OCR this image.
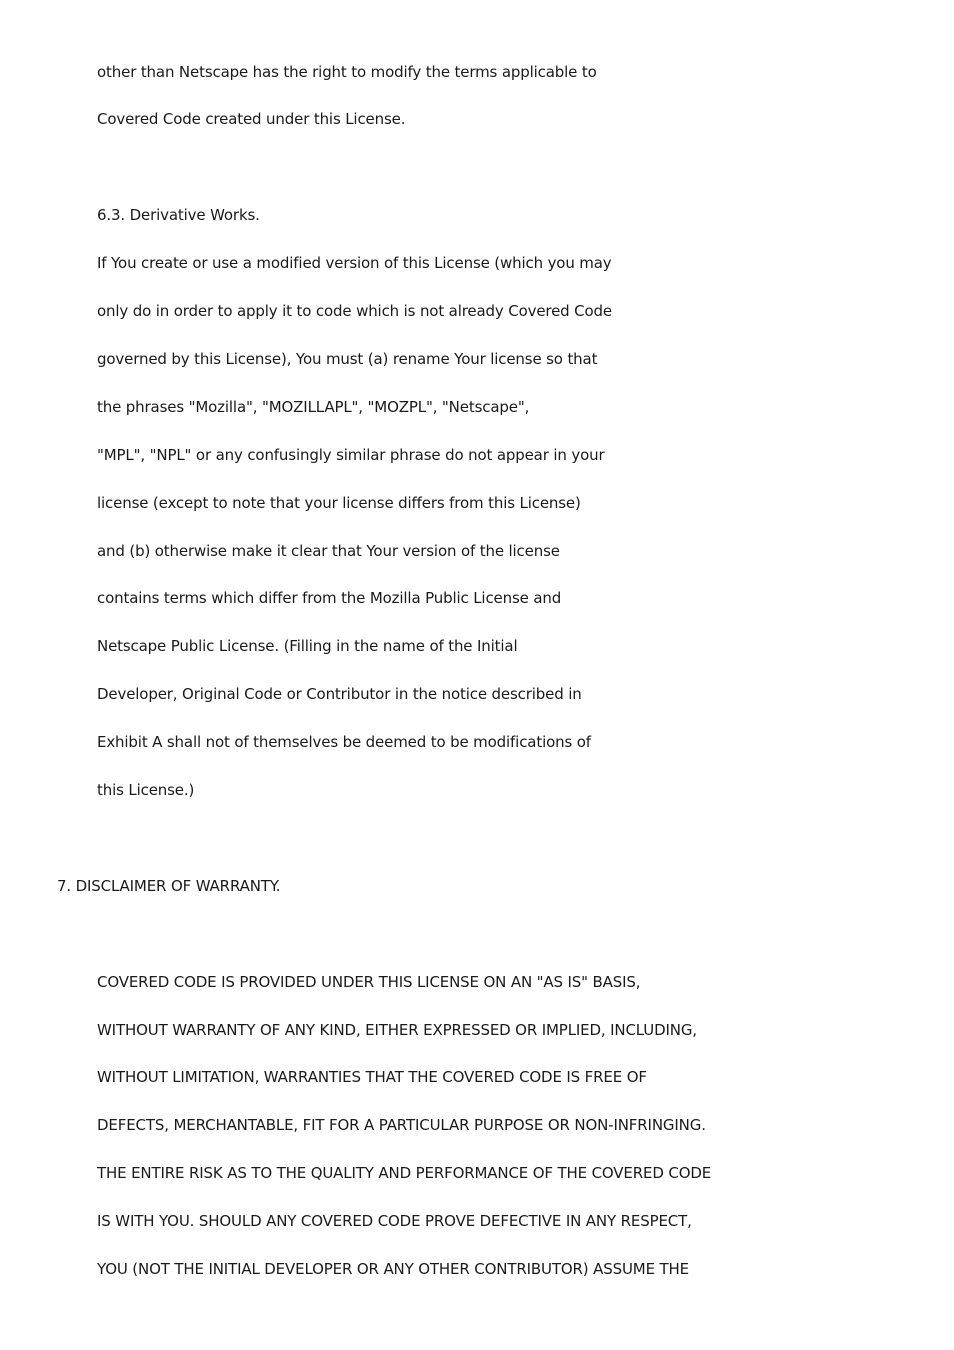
other than Netscape has the right to modify the terms applicable to
Covered Code created under this License.
6.3. Derivative Works.
If You create or use a modified version of this License (which you may
only do in order to apply it to code which is not already Covered Code
governed by this License), You must (a) rename Your license so that
the phrases "Mozilla", "MOZILLAPL", "MOZPL", "Netscape",
"MPL", "NPL" or any confusingly similar phrase do not appear in your
license (except to note that your license differs from this License)
and (b) otherwise make it clear that Your version of the license
contains terms which differ from the Mozilla Public License and
Netscape Public License. (Filling in the name of the Initial
Developer, Original Code or Contributor in the notice described in
Exhibit A shall not of themselves be deemed to be modifications of
this License.)
7. DISCLAIMER OF WARRANTY.
COVERED CODE IS PROVIDED UNDER THIS LICENSE ON AN "AS IS" BASIS,
WITHOUT WARRANTY OF ANY KIND, EITHER EXPRESSED OR IMPLIED, INCLUDING,
WITHOUT LIMITATION, WARRANTIES THAT THE COVERED CODE IS FREE OF
DEFECTS, MERCHANTABLE, FIT FOR A PARTICULAR PURPOSE OR NON-INFRINGING.
THE ENTIRE RISK AS TO THE QUALITY AND PERFORMANCE OF THE COVERED CODE
IS WITH YOU. SHOULD ANY COVERED CODE PROVE DEFECTIVE IN ANY RESPECT,
YOU (NOT THE INITIAL DEVELOPER OR ANY OTHER CONTRIBUTOR) ASSUME THE
